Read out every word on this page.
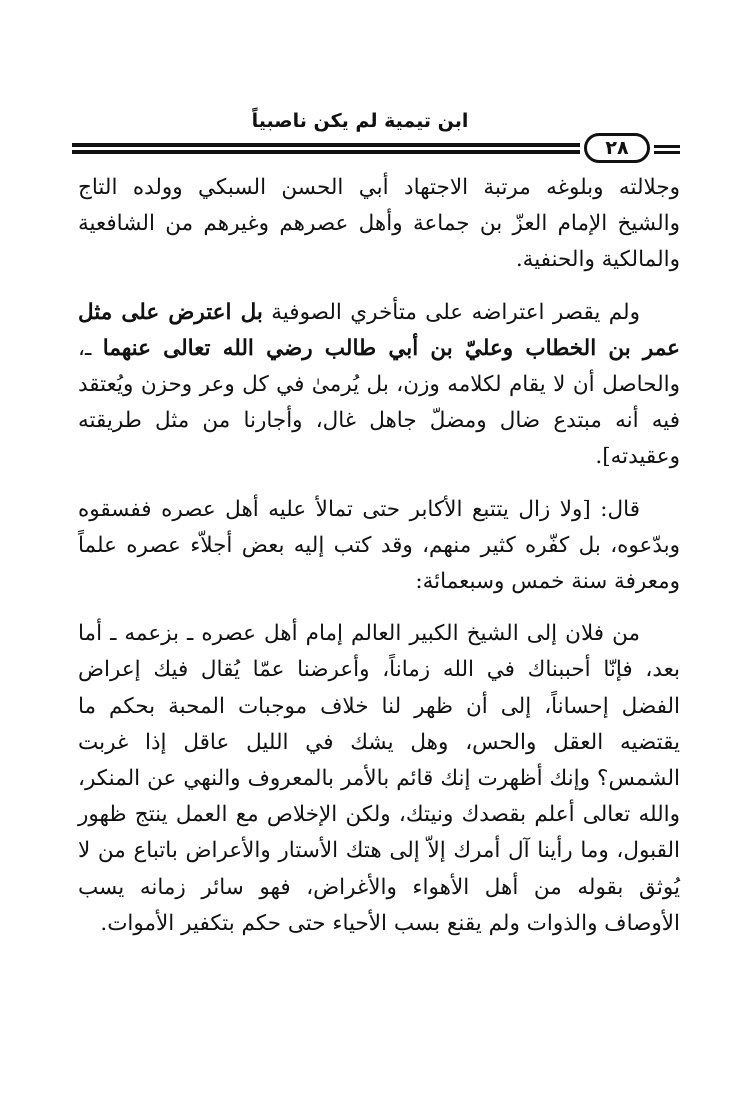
ابن تيمية لم يكن ناصبياً
٢٨

وجلالته وبلوغه مرتبة الاجتهاد أبي الحسن السبكي وولده التاج والشيخ الإمام العزّ بن جماعة وأهل عصرهم وغيرهم من الشافعية والمالكية والحنفية.

ولم يقصر اعتراضه على متأخري الصوفية بل اعترض على مثل عمر بن الخطاب وعليّ بن أبي طالب رضي الله تعالى عنهما ـ، والحاصل أن لا يقام لكلامه وزن، بل يُرمىٰ في كل وعر وحزن ويُعتقد فيه أنه مبتدع ضال ومضلّ جاهل غال، وأجارنا من مثل طريقته وعقيدته].

قال: [ولا زال يتتبع الأكابر حتى تمالأ عليه أهل عصره ففسقوه وبدّعوه، بل كفّره كثير منهم، وقد كتب إليه بعض أجلاّء عصره علماً ومعرفة سنة خمس وسبعمائة:

من فلان إلى الشيخ الكبير العالم إمام أهل عصره ـ بزعمه ـ أما بعد، فإنّا أحببناك في الله زماناً، وأعرضنا عمّا يُقال فيك إعراض الفضل إحساناً، إلى أن ظهر لنا خلاف موجبات المحبة بحكم ما يقتضيه العقل والحس، وهل يشك في الليل عاقل إذا غربت الشمس؟ وإنك أظهرت إنك قائم بالأمر بالمعروف والنهي عن المنكر، والله تعالى أعلم بقصدك ونيتك، ولكن الإخلاص مع العمل ينتج ظهور القبول، وما رأينا آل أمرك إلاّ إلى هتك الأستار والأعراض باتباع من لا يُوثق بقوله من أهل الأهواء والأغراض، فهو سائر زمانه يسب الأوصاف والذوات ولم يقنع بسب الأحياء حتى حكم بتكفير الأموات.
